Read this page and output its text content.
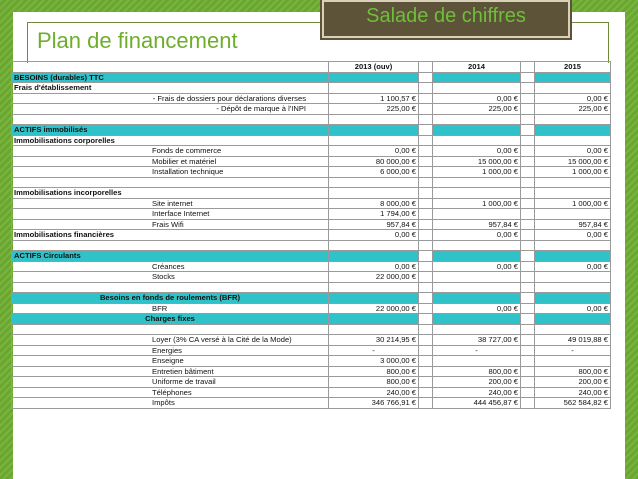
Plan de financement
Salade de chiffres
	2013 (ouv)		2014		2015
BESOINS (durables) TTC					
Frais d'établissement					
- Frais de dossiers pour déclarations diverses	1 100,57 €		0,00 €		0,00 €
- Dépôt de marque à l'INPI	225,00 €		225,00 €		225,00 €

ACTIFS immobilisés					
Immobilisations corporelles					
Fonds de commerce	0,00 €		0,00 €		0,00 €
Mobilier et matériel	80 000,00 €		15 000,00 €		15 000,00 €
Installation technique	6 000,00 €		1 000,00 €		1 000,00 €

Immobilisations incorporelles					
Site internet	8 000,00 €		1 000,00 €		1 000,00 €
Interface Internet	1 794,00 €				
Frais Wifi	957,84 €		957,84 €		957,84 €
Immobilisations financières	0,00 €		0,00 €		0,00 €

ACTIFS Circulants					
Créances	0,00 €		0,00 €		0,00 €
Stocks	22 000,00 €				

Besoins en fonds de roulements (BFR)					
BFR	22 000,00 €		0,00 €		0,00 €
Charges fixes					

Loyer (3% CA versé à la Cité de la Mode)	30 214,95 €		38 727,00 €		49 019,88 €
Energies	-		-		-
Enseigne	3 000,00 €				
Entretien bâtiment	800,00 €		800,00 €		800,00 €
Uniforme de travail	800,00 €		200,00 €		200,00 €
Téléphones	240,00 €		240,00 €		240,00 €
Impôts	346 766,91 €		444 456,87 €		562 584,82 €
